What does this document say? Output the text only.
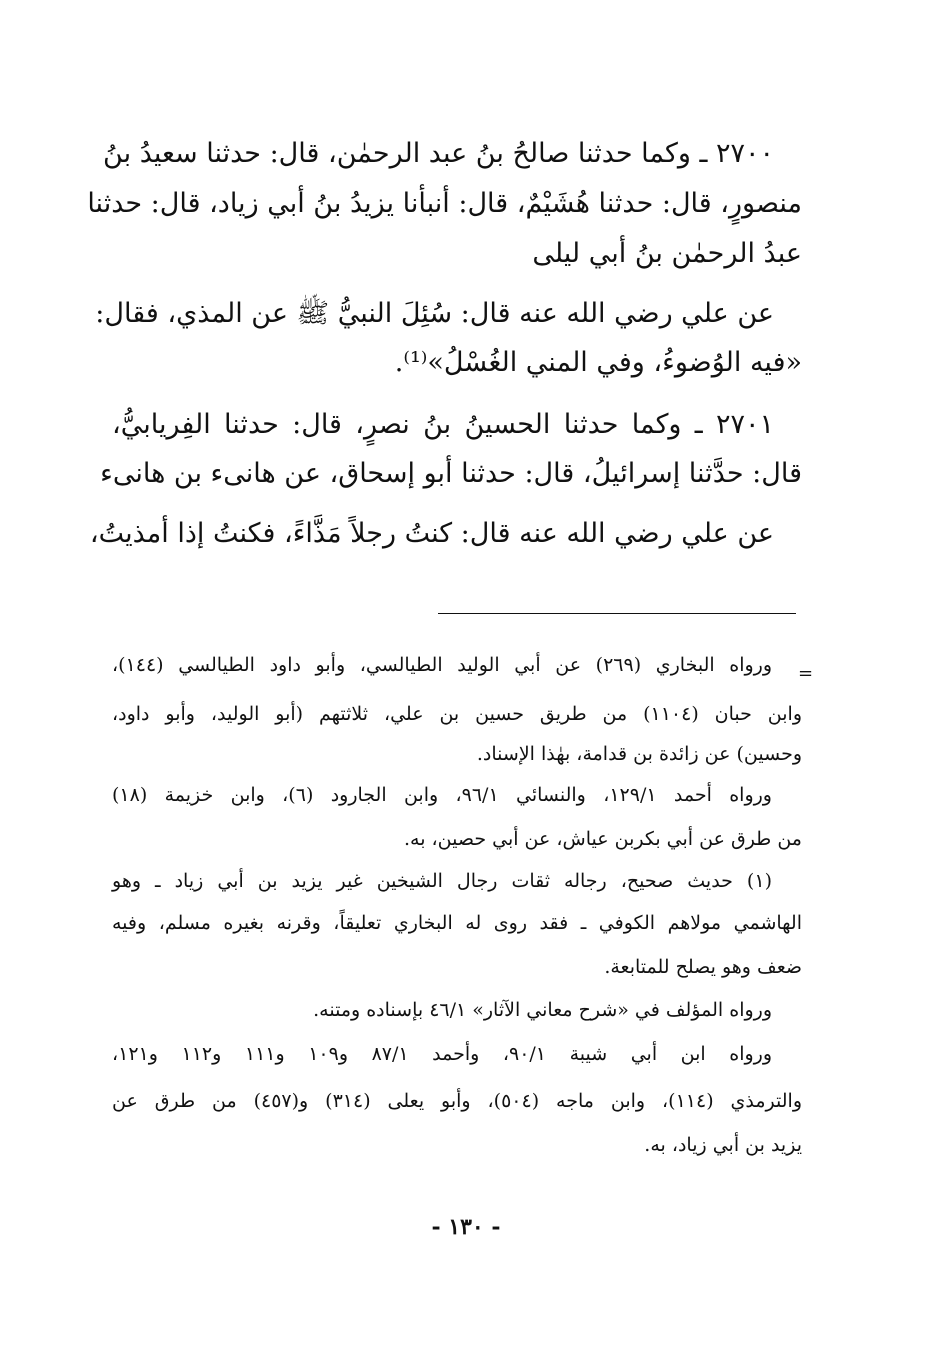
٢٧٠٠ ـ وكما حدثنا صالحُ بنُ عبد الرحمٰن، قال: حدثنا سعيدُ بنُ
منصورٍ، قال: حدثنا هُشَيْمٌ، قال: أنبأنا يزيدُ بنُ أبي زياد، قال: حدثنا
عبدُ الرحمٰن بنُ أبي ليلى
عن علي رضي الله عنه قال: سُئِلَ النبيُّ ﷺ عن المذي، فقال:
«فيه الوُضوءُ، وفي المني الغُسْلُ»⁽¹⁾.
٢٧٠١ ـ وكما حدثنا الحسينُ بنُ نصرٍ، قال: حدثنا الفِريابيُّ،
قال: حدَّثنا إسرائيلُ، قال: حدثنا أبو إسحاق، عن هانىء بن هانىء
عن علي رضي الله عنه قال: كنتُ رجلاً مَذَّاءً، فكنتُ إذا أمذيتُ،
=
ورواه البخاري (٢٦٩) عن أبي الوليد الطيالسي، وأبو داود الطيالسي (١٤٤)،
وابن حبان (١١٠٤) من طريق حسين بن علي، ثلاثتهم (أبو الوليد، وأبو داود،
وحسين) عن زائدة بن قدامة، بهٰذا الإسناد.
ورواه أحمد ١٢٩/١، والنسائي ٩٦/١، وابن الجارود (٦)، وابن خزيمة (١٨)
من طرق عن أبي بكربن عياش، عن أبي حصين، به.
(١) حديث صحيح، رجاله ثقات رجال الشيخين غير يزيد بن أبي زياد ـ وهو
الهاشمي مولاهم الكوفي ـ فقد روى له البخاري تعليقاً، وقرنه بغيره مسلم، وفيه
ضعف وهو يصلح للمتابعة.
ورواه المؤلف في «شرح معاني الآثار» ٤٦/١ بإسناده ومتنه.
ورواه ابن أبي شيبة ٩٠/١، وأحمد ٨٧/١ و١٠٩ و١١١ و١١٢ و١٢١،
والترمذي (١١٤)، وابن ماجه (٥٠٤)، وأبو يعلى (٣١٤) و(٤٥٧) من طرق عن
يزيد بن أبي زياد، به.
- ١٣٠ -
